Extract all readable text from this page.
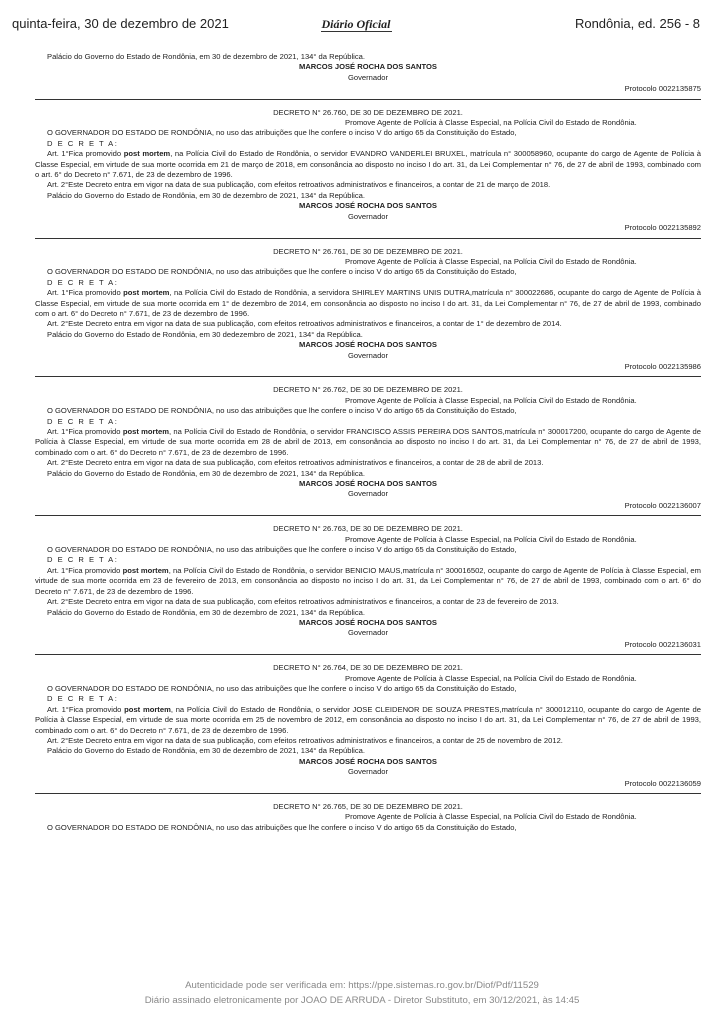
quinta-feira, 30 de dezembro de 2021	Diário Oficial	Rondônia, ed. 256 - 8

Palácio do Governo do Estado de Rondônia, em 30 de dezembro de 2021, 134° da República.

MARCOS JOSÉ ROCHA DOS SANTOS

Governador

Protocolo 0022135875

DECRETO N° 26.760, DE 30 DE DEZEMBRO DE 2021.

Promove Agente de Polícia à Classe Especial, na Polícia Civil do Estado de Rondônia.

O GOVERNADOR DO ESTADO DE RONDÔNIA, no uso das atribuições que lhe confere o inciso V do artigo 65 da Constituição do Estado,

D E C R E T A:

Art. 1°Fica promovido post mortem, na Polícia Civil do Estado de Rondônia, o servidor EVANDRO VANDERLEI BRUXEL, matrícula n° 300058960, ocupante do cargo de Agente de Polícia à Classe Especial, em virtude de sua morte ocorrida em 21 de março de 2018, em consonância ao disposto no inciso I do art. 31, da Lei Complementar n° 76, de 27 de abril de 1993, combinado com o art. 6° do Decreto n° 7.671, de 23 de dezembro de 1996.

Art. 2°Este Decreto entra em vigor na data de sua publicação, com efeitos retroativos administrativos e financeiros, a contar de 21 de março de 2018.

Palácio do Governo do Estado de Rondônia, em 30 de dezembro de 2021, 134° da República.

MARCOS JOSÉ ROCHA DOS SANTOS

Governador

Protocolo 0022135892

DECRETO N° 26.761, DE 30 DE DEZEMBRO DE 2021.

Promove Agente de Polícia à Classe Especial, na Polícia Civil do Estado de Rondônia.

O GOVERNADOR DO ESTADO DE RONDÔNIA, no uso das atribuições que lhe confere o inciso V do artigo 65 da Constituição do Estado,

D E C R E T A:

Art. 1°Fica promovido post mortem, na Polícia Civil do Estado de Rondônia, a servidora SHIRLEY MARTINS UNIS DUTRA,matrícula n° 300022686, ocupante do cargo de Agente de Polícia à Classe Especial, em virtude de sua morte ocorrida em 1° de dezembro de 2014, em consonância ao disposto no inciso I do art. 31, da Lei Complementar n° 76, de 27 de abril de 1993, combinado com o art. 6° do Decreto n° 7.671, de 23 de dezembro de 1996.

Art. 2°Este Decreto entra em vigor na data de sua publicação, com efeitos retroativos administrativos e financeiros, a contar de 1° de dezembro de 2014.

Palácio do Governo do Estado de Rondônia, em 30 dedezembro de 2021, 134° da República.

MARCOS JOSÉ ROCHA DOS SANTOS

Governador

Protocolo 0022135986

DECRETO N° 26.762, DE 30 DE DEZEMBRO DE 2021.

Promove Agente de Polícia à Classe Especial, na Polícia Civil do Estado de Rondônia.

O GOVERNADOR DO ESTADO DE RONDÔNIA, no uso das atribuições que lhe confere o inciso V do artigo 65 da Constituição do Estado,

D E C R E T A:

Art. 1°Fica promovido post mortem, na Polícia Civil do Estado de Rondônia, o servidor FRANCISCO ASSIS PEREIRA DOS SANTOS,matrícula n° 300017200, ocupante do cargo de Agente de Polícia à Classe Especial, em virtude de sua morte ocorrida em 28 de abril de 2013, em consonância ao disposto no inciso I do art. 31, da Lei Complementar n° 76, de 27 de abril de 1993, combinado com o art. 6° do Decreto n° 7.671, de 23 de dezembro de 1996.

Art. 2°Este Decreto entra em vigor na data de sua publicação, com efeitos retroativos administrativos e financeiros, a contar de 28 de abril de 2013.

Palácio do Governo do Estado de Rondônia, em 30 de dezembro de 2021, 134° da República.

MARCOS JOSÉ ROCHA DOS SANTOS

Governador

Protocolo 0022136007

DECRETO N° 26.763, DE 30 DE DEZEMBRO DE 2021.

Promove Agente de Polícia à Classe Especial, na Polícia Civil do Estado de Rondônia.

O GOVERNADOR DO ESTADO DE RONDÔNIA, no uso das atribuições que lhe confere o inciso V do artigo 65 da Constituição do Estado,

D E C R E T A:

Art. 1°Fica promovido post mortem, na Polícia Civil do Estado de Rondônia, o servidor BENICIO MAUS,matrícula n° 300016502, ocupante do cargo de Agente de Polícia à Classe Especial, em virtude de sua morte ocorrida em 23 de fevereiro de 2013, em consonância ao disposto no inciso I do art. 31, da Lei Complementar n° 76, de 27 de abril de 1993, combinado com o art. 6° do Decreto n° 7.671, de 23 de dezembro de 1996.

Art. 2°Este Decreto entra em vigor na data de sua publicação, com efeitos retroativos administrativos e financeiros, a contar de 23 de fevereiro de 2013.

Palácio do Governo do Estado de Rondônia, em 30 de dezembro de 2021, 134° da República.

MARCOS JOSÉ ROCHA DOS SANTOS

Governador

Protocolo 0022136031

DECRETO N° 26.764, DE 30 DE DEZEMBRO DE 2021.

Promove Agente de Polícia à Classe Especial, na Polícia Civil do Estado de Rondônia.

O GOVERNADOR DO ESTADO DE RONDÔNIA, no uso das atribuições que lhe confere o inciso V do artigo 65 da Constituição do Estado,

D E C R E T A:

Art. 1°Fica promovido post mortem, na Polícia Civil do Estado de Rondônia, o servidor JOSE CLEIDENOR DE SOUZA PRESTES,matrícula n° 300012110, ocupante do cargo de Agente de Polícia à Classe Especial, em virtude de sua morte ocorrida em 25 de novembro de 2012, em consonância ao disposto no inciso I do art. 31, da Lei Complementar n° 76, de 27 de abril de 1993, combinado com o art. 6° do Decreto n° 7.671, de 23 de dezembro de 1996.

Art. 2°Este Decreto entra em vigor na data de sua publicação, com efeitos retroativos administrativos e financeiros, a contar de 25 de novembro de 2012.

Palácio do Governo do Estado de Rondônia, em 30 de dezembro de 2021, 134° da República.

MARCOS JOSÉ ROCHA DOS SANTOS

Governador

Protocolo 0022136059

DECRETO N° 26.765, DE 30 DE DEZEMBRO DE 2021.

Promove Agente de Polícia à Classe Especial, na Polícia Civil do Estado de Rondônia.

O GOVERNADOR DO ESTADO DE RONDÔNIA, no uso das atribuições que lhe confere o inciso V do artigo 65 da Constituição do Estado,

Autenticidade pode ser verificada em: https://ppe.sistemas.ro.gov.br/Diof/Pdf/11529
Diário assinado eletronicamente por JOAO DE ARRUDA - Diretor Substituto, em 30/12/2021, às 14:45
